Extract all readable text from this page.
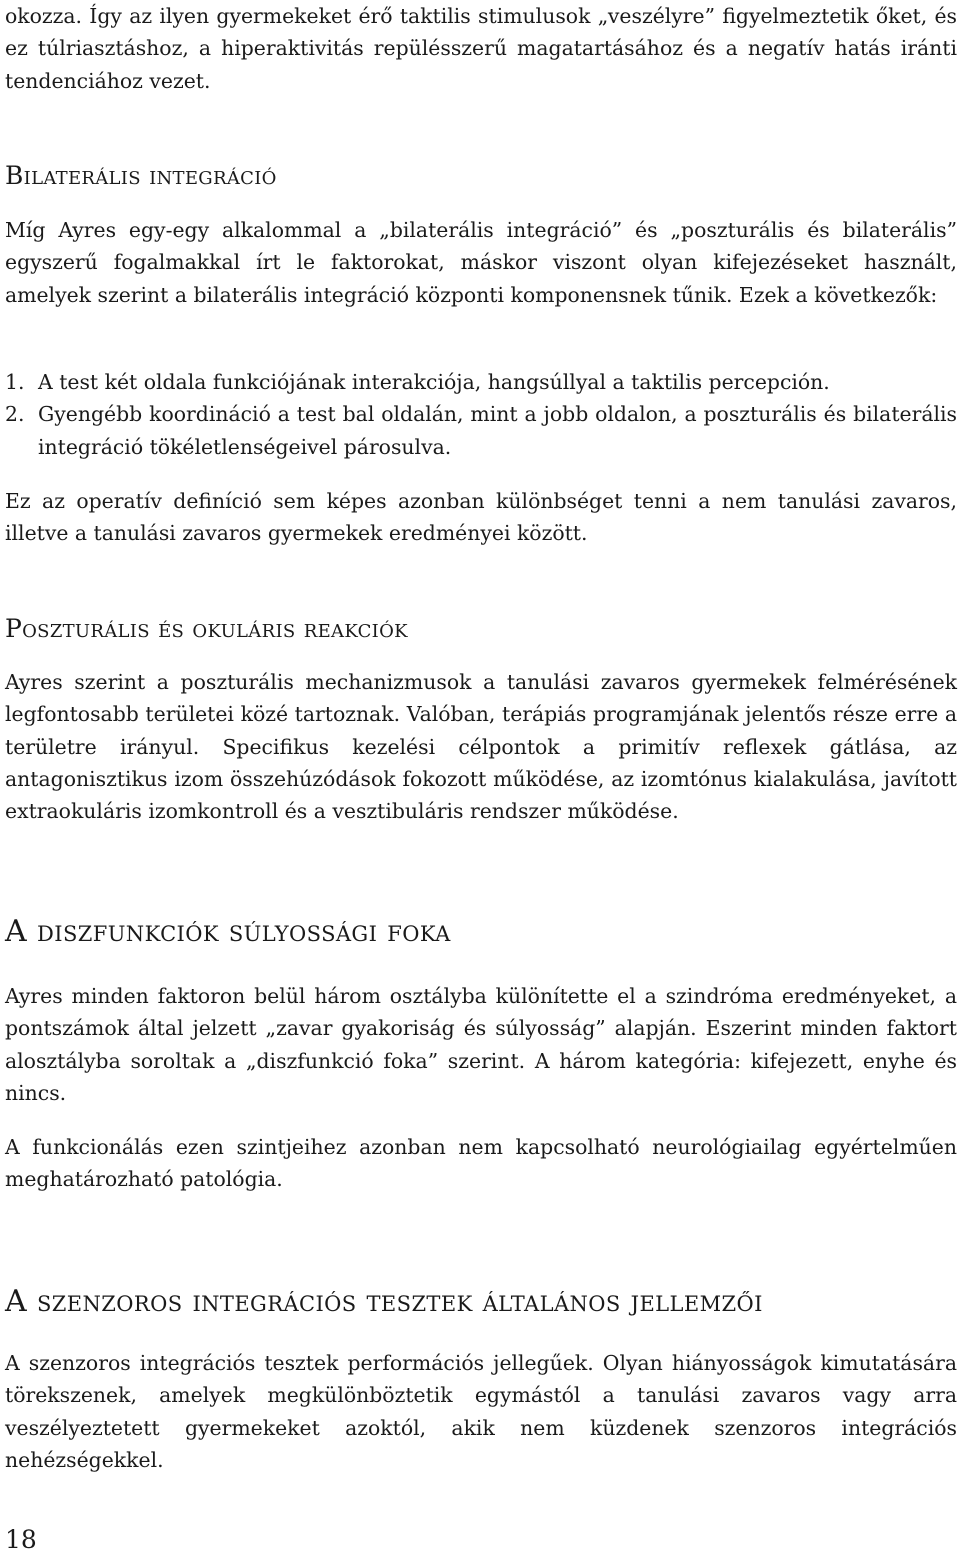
okozza. Így az ilyen gyermekeket érő taktilis stimulusok „veszélyre” figyelmeztetik őket, és ez túlriasztáshoz, a hiperaktivitás repülésszerű magatartásához és a negatív hatás iránti tendenciához vezet.

Bilaterális integráció

Míg Ayres egy-egy alkalommal a „bilaterális integráció” és „poszturális és bilaterális” egyszerű fogalmakkal írt le faktorokat, máskor viszont olyan kifejezéseket használt, amelyek szerint a bilaterális integráció központi komponensnek tűnik. Ezek a következők:

1. A test két oldala funkciójának interakciója, hangsúllyal a taktilis percepción.
2. Gyengébb koordináció a test bal oldalán, mint a jobb oldalon, a poszturális és bilaterális integráció tökéletlenségeivel párosulva.

Ez az operatív definíció sem képes azonban különbséget tenni a nem tanulási zavaros, illetve a tanulási zavaros gyermekek eredményei között.

Poszturális és okuláris reakciók

Ayres szerint a poszturális mechanizmusok a tanulási zavaros gyermekek felmérésének legfontosabb területei közé tartoznak. Valóban, terápiás programjának jelentős része erre a területre irányul. Specifikus kezelési célpontok a primitív reflexek gátlása, az antagonisztikus izom összehúzódások fokozott működése, az izomtónus kialakulása, javított extraokuláris izomkontroll és a vesztibuláris rendszer működése.

A diszfunkciók súlyossági foka

Ayres minden faktoron belül három osztályba különítette el a szindróma eredményeket, a pontszámok által jelzett „zavar gyakoriság és súlyosság” alapján. Eszerint minden faktort alosztályba soroltak a „diszfunkció foka” szerint. A három kategória: kifejezett, enyhe és nincs.

A funkcionálás ezen szintjeihez azonban nem kapcsolható neurológiailag egyértelműen meghatározható patológia.

A szenzoros integrációs tesztek általános jellemzői

A szenzoros integrációs tesztek performációs jellegűek. Olyan hiányosságok kimutatására törekszenek, amelyek megkülönböztetik egymástól a tanulási zavaros vagy arra veszélyeztetett gyermekeket azoktól, akik nem küzdenek szenzoros integrációs nehézségekkel.

18
